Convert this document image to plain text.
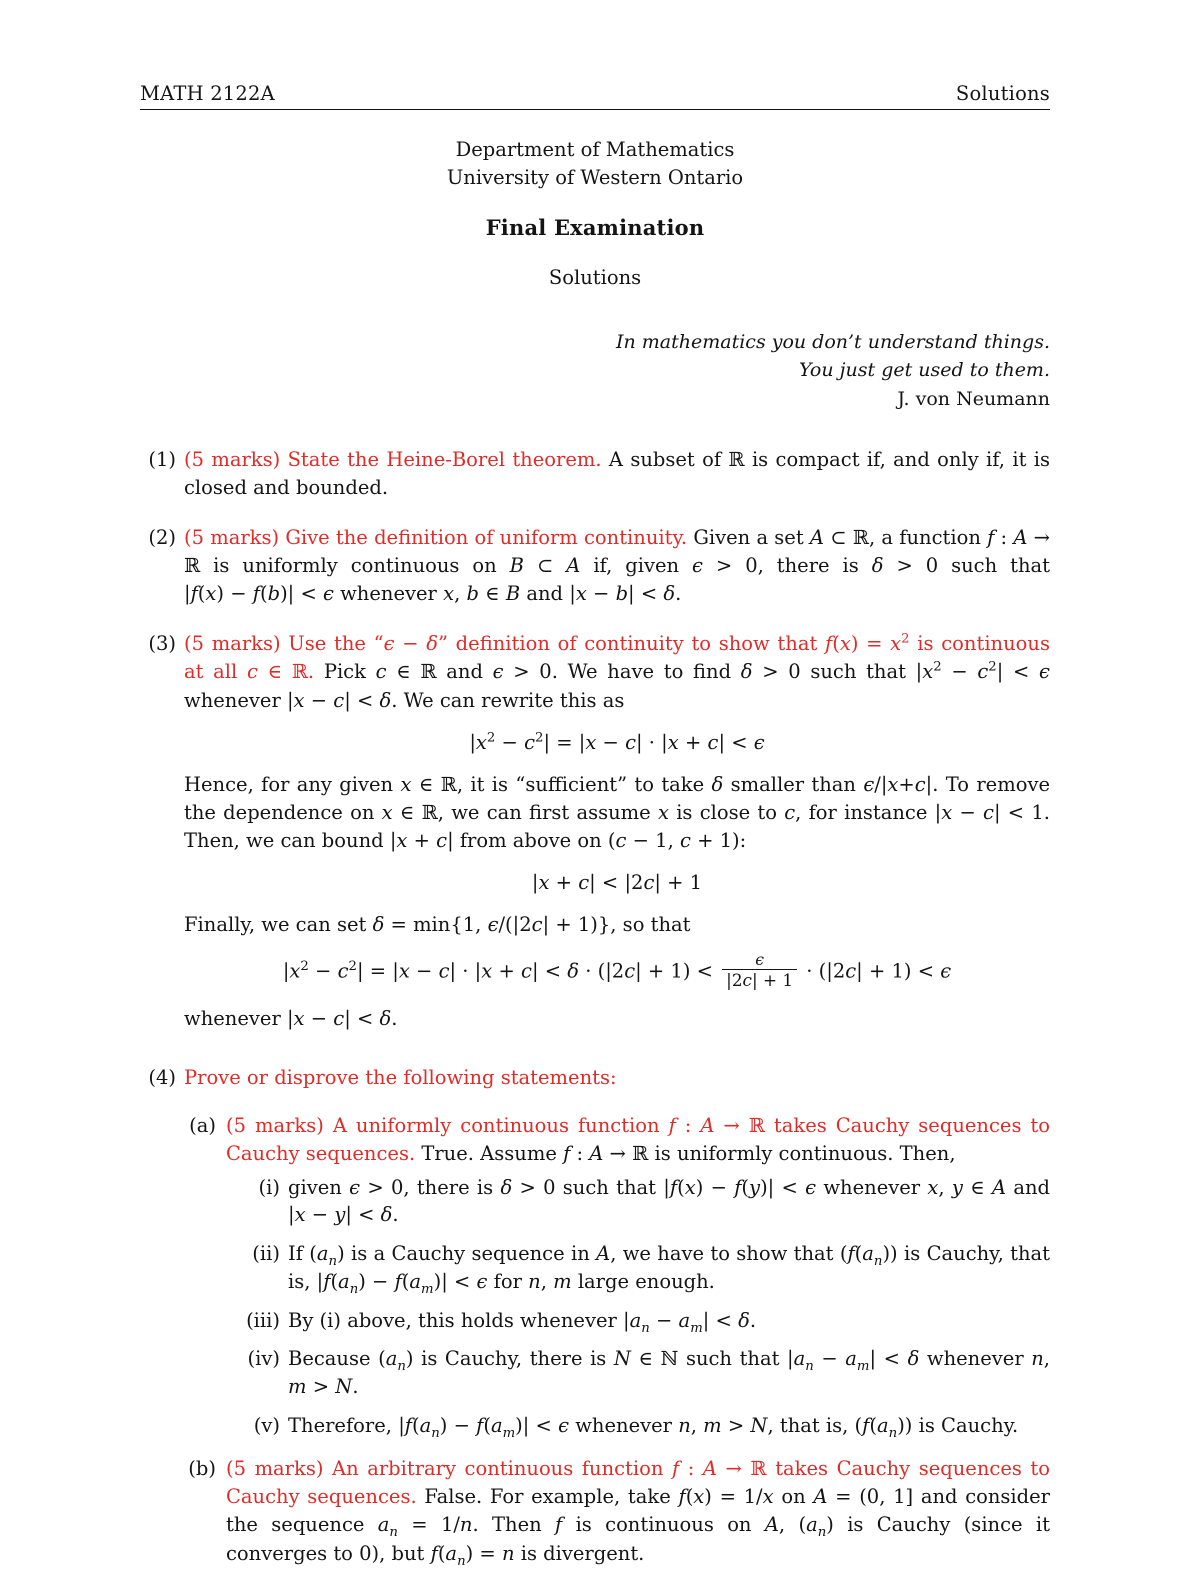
MATH 2122A	Solutions
Department of Mathematics
University of Western Ontario
Final Examination
Solutions
In mathematics you don’t understand things.
You just get used to them.
J. von Neumann
(1) (5 marks) State the Heine-Borel theorem. A subset of ℝ is compact if, and only if, it is closed and bounded.
(2) (5 marks) Give the definition of uniform continuity. Given a set A ⊂ ℝ, a function f : A → ℝ is uniformly continuous on B ⊂ A if, given ϵ > 0, there is δ > 0 such that |f(x) − f(b)| < ϵ whenever x, b ∈ B and |x − b| < δ.
(3) (5 marks) Use the “ϵ − δ” definition of continuity to show that $f(x) = x^2$ is continuous at all c ∈ ℝ. Pick c ∈ ℝ and ϵ > 0. We have to find δ > 0 such that $|x^2 - c^2| < \epsilon$ whenever |x − c| < δ. We can rewrite this as
$|x^2 - c^2| = |x - c| \cdot |x + c| < \epsilon$
Hence, for any given x ∈ ℝ, it is “sufficient” to take δ smaller than ϵ/|x+c|. To remove the dependence on x ∈ ℝ, we can first assume x is close to c, for instance |x − c| < 1. Then, we can bound |x + c| from above on (c − 1, c + 1):
|x + c| < |2c| + 1
Finally, we can set δ = min{1, ϵ/(|2c| + 1)}, so that
$|x^2 - c^2| = |x - c| \cdot |x + c| < \delta \cdot (|2c| + 1) < \frac{\epsilon}{|2c| + 1} \cdot (|2c| + 1) < \epsilon$
whenever |x − c| < δ.
(4) Prove or disprove the following statements:
(a) (5 marks) A uniformly continuous function f : A → ℝ takes Cauchy sequences to Cauchy sequences. True. Assume f : A → ℝ is uniformly continuous. Then,
(i) given ϵ > 0, there is δ > 0 such that |f(x) − f(y)| < ϵ whenever x, y ∈ A and |x − y| < δ.
(ii) If $(a_n)$ is a Cauchy sequence in A, we have to show that $(f(a_n))$ is Cauchy, that is, $|f(a_n) - f(a_m)| < \epsilon$ for n, m large enough.
(iii) By (i) above, this holds whenever $|a_n - a_m| < \delta$.
(iv) Because $(a_n)$ is Cauchy, there is N ∈ ℕ such that $|a_n - a_m| < \delta$ whenever n, m > N.
(v) Therefore, $|f(a_n) - f(a_m)| < \epsilon$ whenever n, m > N, that is, $(f(a_n))$ is Cauchy.
(b) (5 marks) An arbitrary continuous function f : A → ℝ takes Cauchy sequences to Cauchy sequences. False. For example, take f(x) = 1/x on A = (0, 1] and consider the sequence $a_n = 1/n$. Then f is continuous on A, $(a_n)$ is Cauchy (since it converges to 0), but $f(a_n) = n$ is divergent.
